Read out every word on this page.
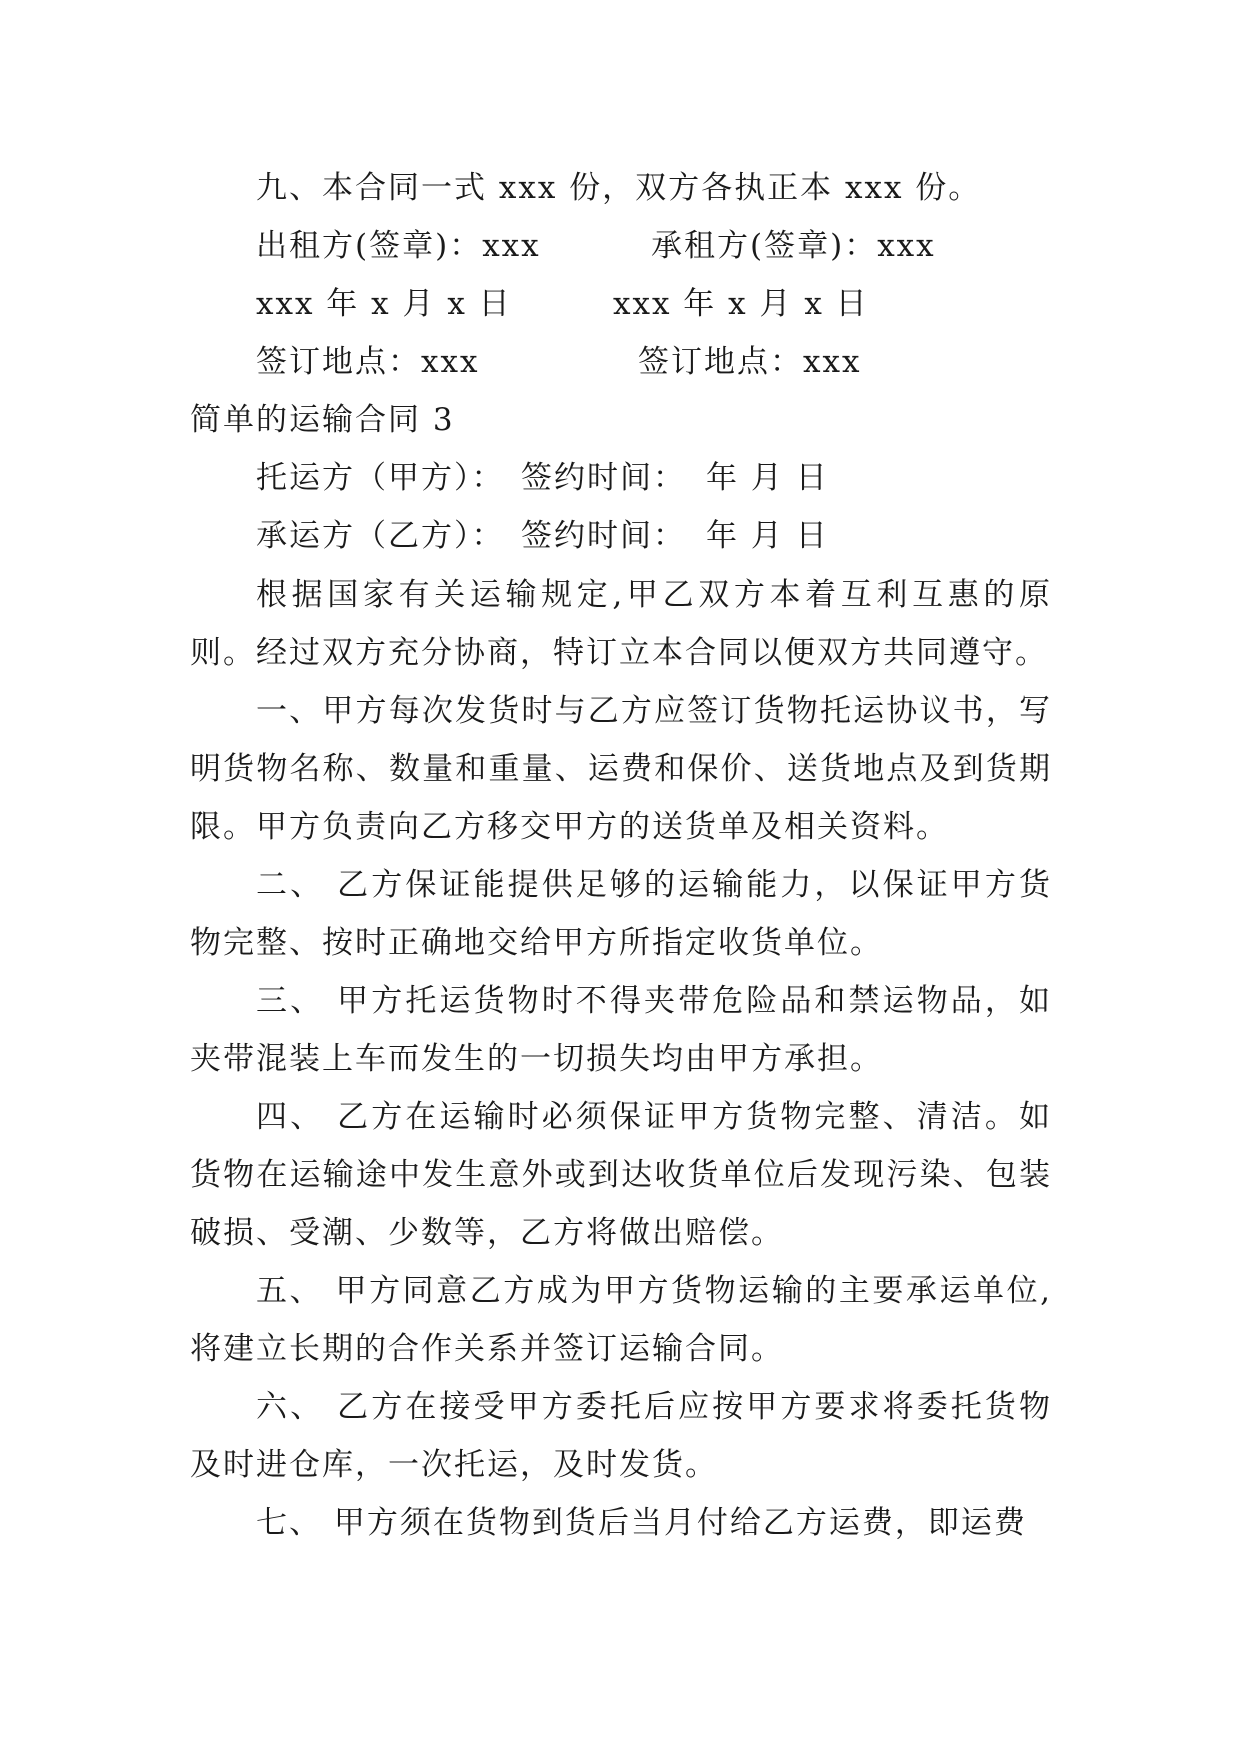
九、本合同一式 xxx 份，双方各执正本 xxx 份。
出租方(签章)：xxx	承租方(签章)：xxx
xxx 年 x 月 x 日	xxx 年 x 月 x 日
签订地点：xxx	签订地点：xxx
简单的运输合同 3
托运方（甲方）： 签约时间： 年 月 日
承运方（乙方）： 签约时间： 年 月 日
根据国家有关运输规定,甲乙双方本着互利互惠的原则。经过双方充分协商，特订立本合同以便双方共同遵守。
一、甲方每次发货时与乙方应签订货物托运协议书，写明货物名称、数量和重量、运费和保价、送货地点及到货期限。甲方负责向乙方移交甲方的送货单及相关资料。
二、 乙方保证能提供足够的运输能力，以保证甲方货物完整、按时正确地交给甲方所指定收货单位。
三、 甲方托运货物时不得夹带危险品和禁运物品，如夹带混装上车而发生的一切损失均由甲方承担。
四、 乙方在运输时必须保证甲方货物完整、清洁。如货物在运输途中发生意外或到达收货单位后发现污染、包装破损、受潮、少数等，乙方将做出赔偿。
五、 甲方同意乙方成为甲方货物运输的主要承运单位,将建立长期的合作关系并签订运输合同。
六、 乙方在接受甲方委托后应按甲方要求将委托货物及时进仓库，一次托运，及时发货。
七、 甲方须在货物到货后当月付给乙方运费，即运费
